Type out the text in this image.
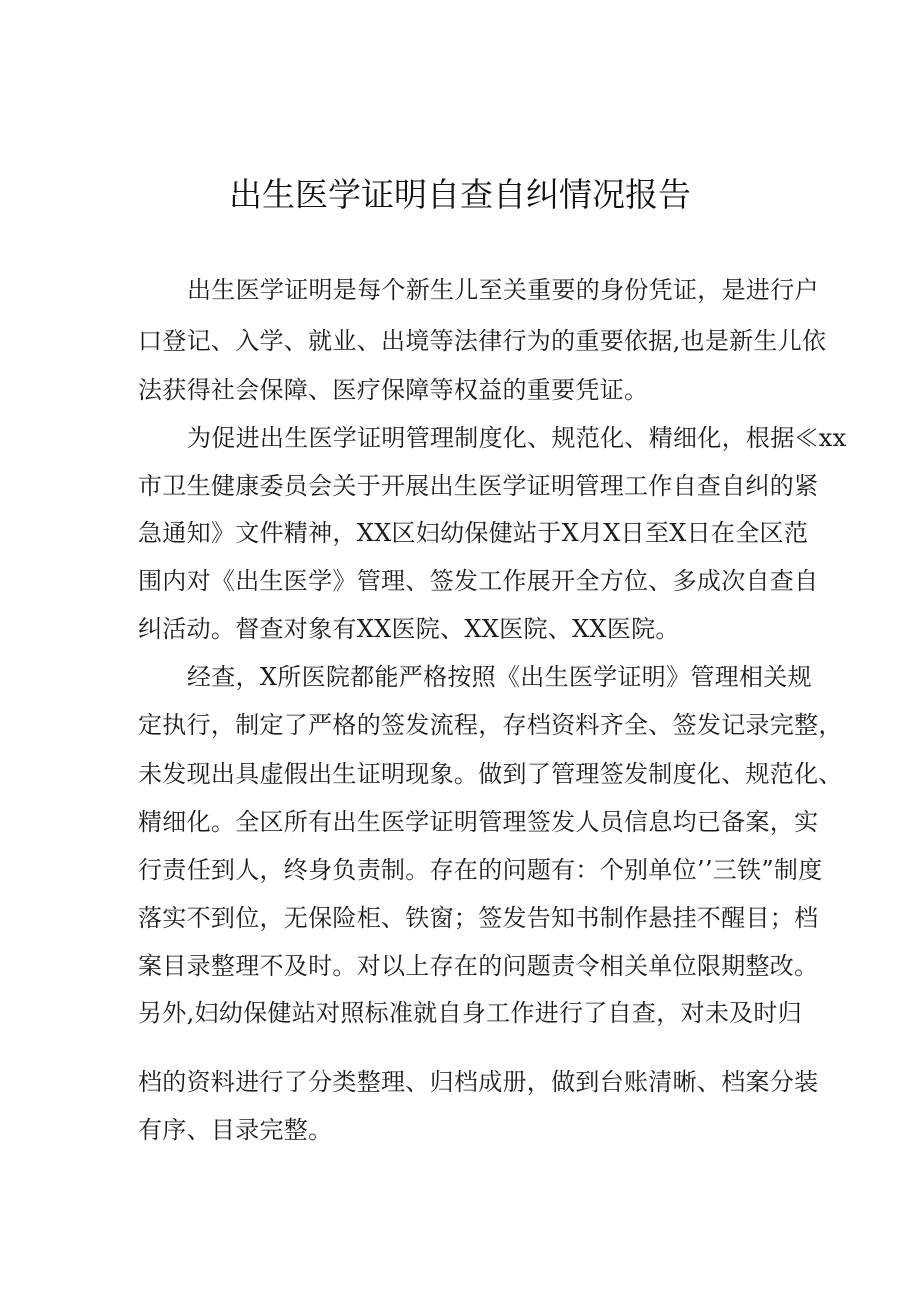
出生医学证明自查自纠情况报告
出生医学证明是每个新生儿至关重要的身份凭证，是进行户
口登记、入学、就业、出境等法律行为的重要依据,也是新生儿依
法获得社会保障、医疗保障等权益的重要凭证。
为促进出生医学证明管理制度化、规范化、精细化，根据≪xx
市卫生健康委员会关于开展出生医学证明管理工作自查自纠的紧
急通知》文件精神，XX区妇幼保健站于X月X日至X日在全区范
围内对《出生医学》管理、签发工作展开全方位、多成次自查自
纠活动。督查对象有XX医院、XX医院、XX医院。
经查，X所医院都能严格按照《出生医学证明》管理相关规
定执行，制定了严格的签发流程，存档资料齐全、签发记录完整，
未发现出具虚假出生证明现象。做到了管理签发制度化、规范化、
精细化。全区所有出生医学证明管理签发人员信息均已备案，实
行责任到人，终身负责制。存在的问题有：个别单位’’三铁”制度
落实不到位，无保险柜、铁窗；签发告知书制作悬挂不醒目；档
案目录整理不及时。对以上存在的问题责令相关单位限期整改。
另外,妇幼保健站对照标准就自身工作进行了自查，对未及时归
档的资料进行了分类整理、归档成册，做到台账清晰、档案分装
有序、目录完整。
